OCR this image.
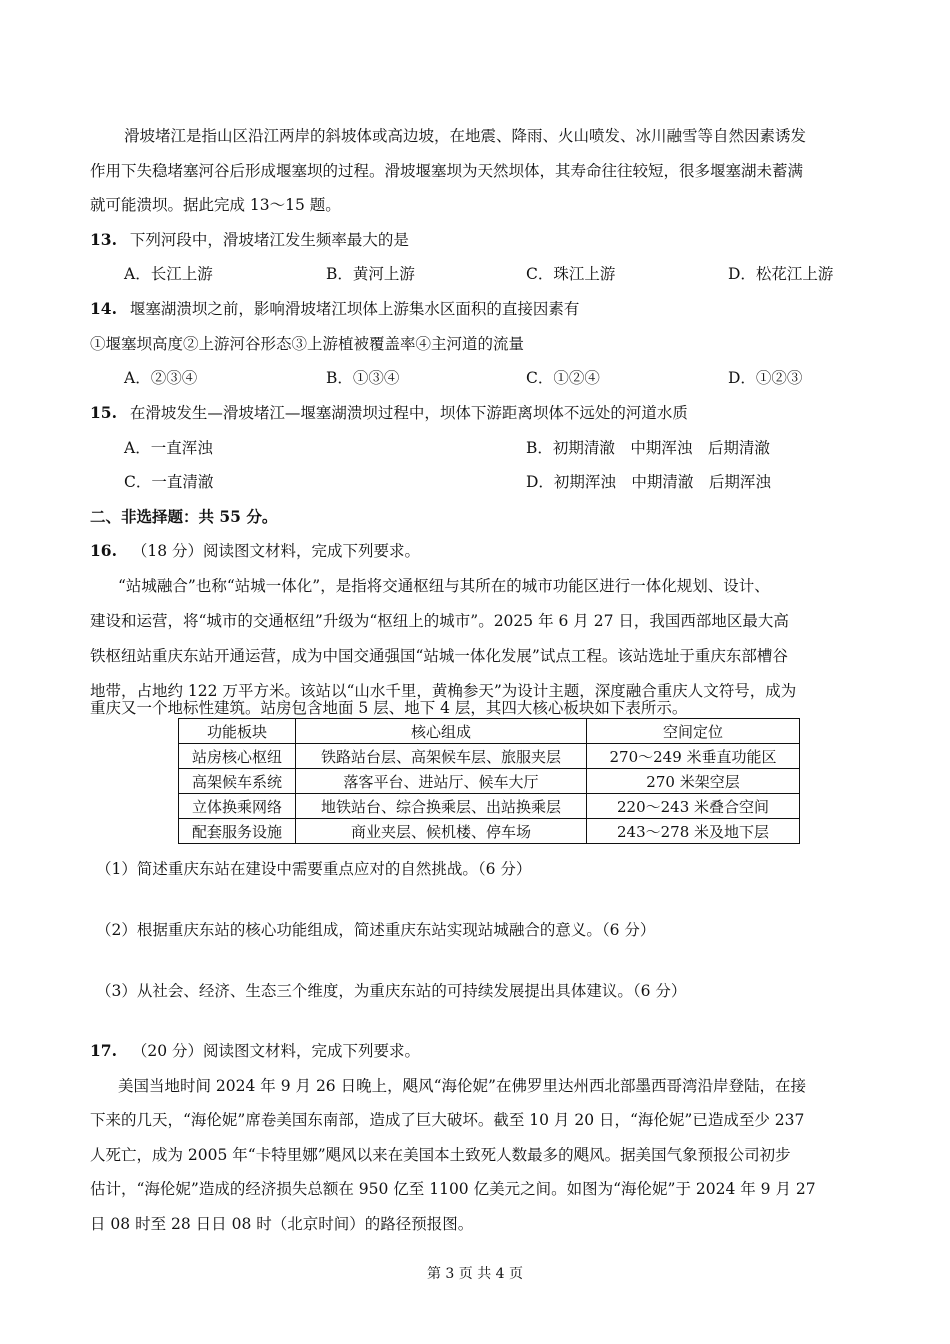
滑坡堵江是指山区沿江两岸的斜坡体或高边坡，在地震、降雨、火山喷发、冰川融雪等自然因素诱发
作用下失稳堵塞河谷后形成堰塞坝的过程。滑坡堰塞坝为天然坝体，其寿命往往较短，很多堰塞湖未蓄满
就可能溃坝。据此完成 13～15 题。
13. 下列河段中，滑坡堵江发生频率最大的是
A．长江上游	B．黄河上游	C．珠江上游	D．松花江上游
14. 堰塞湖溃坝之前，影响滑坡堵江坝体上游集水区面积的直接因素有
①堰塞坝高度②上游河谷形态③上游植被覆盖率④主河道的流量
A．②③④	B．①③④	C．①②④	D．①②③
15. 在滑坡发生—滑坡堵江—堰塞湖溃坝过程中，坝体下游距离坝体不远处的河道水质
A．一直浑浊	B．初期清澈　中期浑浊　后期清澈
C．一直清澈	D．初期浑浊　中期清澈　后期浑浊
二、非选择题：共 55 分。
16. （18 分）阅读图文材料，完成下列要求。
“站城融合”也称“站城一体化”，是指将交通枢纽与其所在的城市功能区进行一体化规划、设计、
建设和运营，将“城市的交通枢纽”升级为“枢纽上的城市”。2025 年 6 月 27 日，我国西部地区最大高
铁枢纽站重庆东站开通运营，成为中国交通强国“站城一体化发展”试点工程。该站选址于重庆东部槽谷
地带，占地约 122 万平方米。该站以“山水千里，黄桷参天”为设计主题，深度融合重庆人文符号，成为
功能板块	核心组成	空间定位
站房核心枢纽	铁路站台层、高架候车层、旅服夹层	270～249 米垂直功能区
高架候车系统	落客平台、进站厅、候车大厅	270 米架空层
立体换乘网络	地铁站台、综合换乘层、出站换乘层	220～243 米叠合空间
配套服务设施	商业夹层、候机楼、停车场	243～278 米及地下层
重庆又一个地标性建筑。站房包含地面 5 层、地下 4 层，其四大核心板块如下表所示。
（1）简述重庆东站在建设中需要重点应对的自然挑战。（6 分）
（2）根据重庆东站的核心功能组成，简述重庆东站实现站城融合的意义。（6 分）
（3）从社会、经济、生态三个维度，为重庆东站的可持续发展提出具体建议。（6 分）
17. （20 分）阅读图文材料，完成下列要求。
美国当地时间 2024 年 9 月 26 日晚上，飓风“海伦妮”在佛罗里达州西北部墨西哥湾沿岸登陆，在接
下来的几天，“海伦妮”席卷美国东南部，造成了巨大破坏。截至 10 月 20 日，“海伦妮”已造成至少 237
人死亡，成为 2005 年“卡特里娜”飓风以来在美国本土致死人数最多的飓风。据美国气象预报公司初步
估计，“海伦妮”造成的经济损失总额在 950 亿至 1100 亿美元之间。如图为“海伦妮”于 2024 年 9 月 27
日 08 时至 28 日日 08 时（北京时间）的路径预报图。
第 3 页 共 4 页
